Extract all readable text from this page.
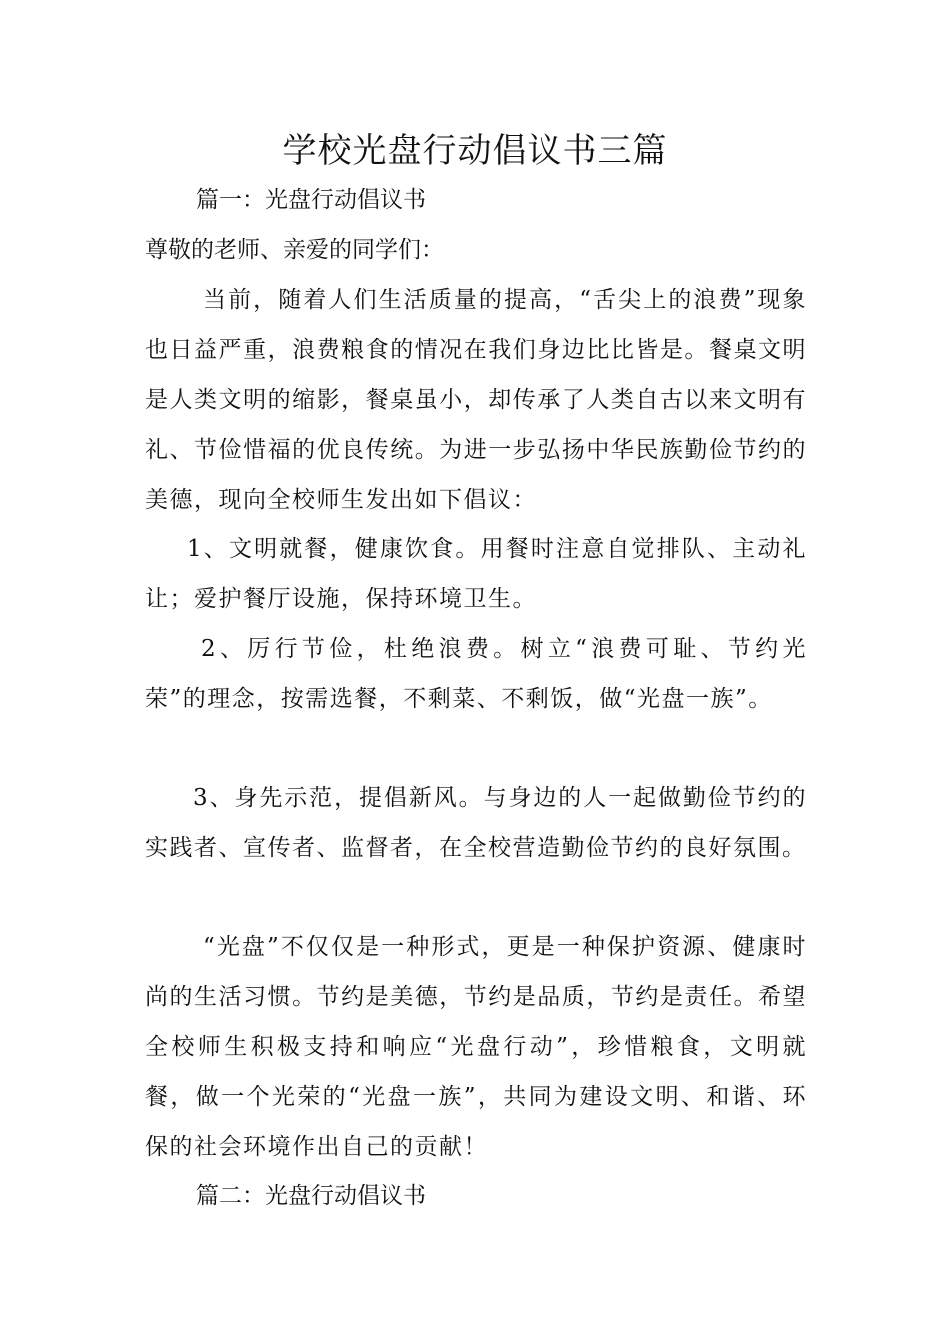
学校光盘行动倡议书三篇

篇一：光盘行动倡议书

尊敬的老师、亲爱的同学们：

当前，随着人们生活质量的提高，“舌尖上的浪费”现象也日益严重，浪费粮食的情况在我们身边比比皆是。餐桌文明是人类文明的缩影，餐桌虽小，却传承了人类自古以来文明有礼、节俭惜福的优良传统。为进一步弘扬中华民族勤俭节约的美德，现向全校师生发出如下倡议：

1、文明就餐，健康饮食。用餐时注意自觉排队、主动礼让；爱护餐厅设施，保持环境卫生。

2、厉行节俭，杜绝浪费。树立“浪费可耻、节约光荣”的理念，按需选餐，不剩菜、不剩饭，做“光盘一族”。

3、身先示范，提倡新风。与身边的人一起做勤俭节约的实践者、宣传者、监督者，在全校营造勤俭节约的良好氛围。

“光盘”不仅仅是一种形式，更是一种保护资源、健康时尚的生活习惯。节约是美德，节约是品质，节约是责任。希望全校师生积极支持和响应“光盘行动”，珍惜粮食，文明就餐，做一个光荣的“光盘一族”，共同为建设文明、和谐、环保的社会环境作出自己的贡献！

篇二：光盘行动倡议书
